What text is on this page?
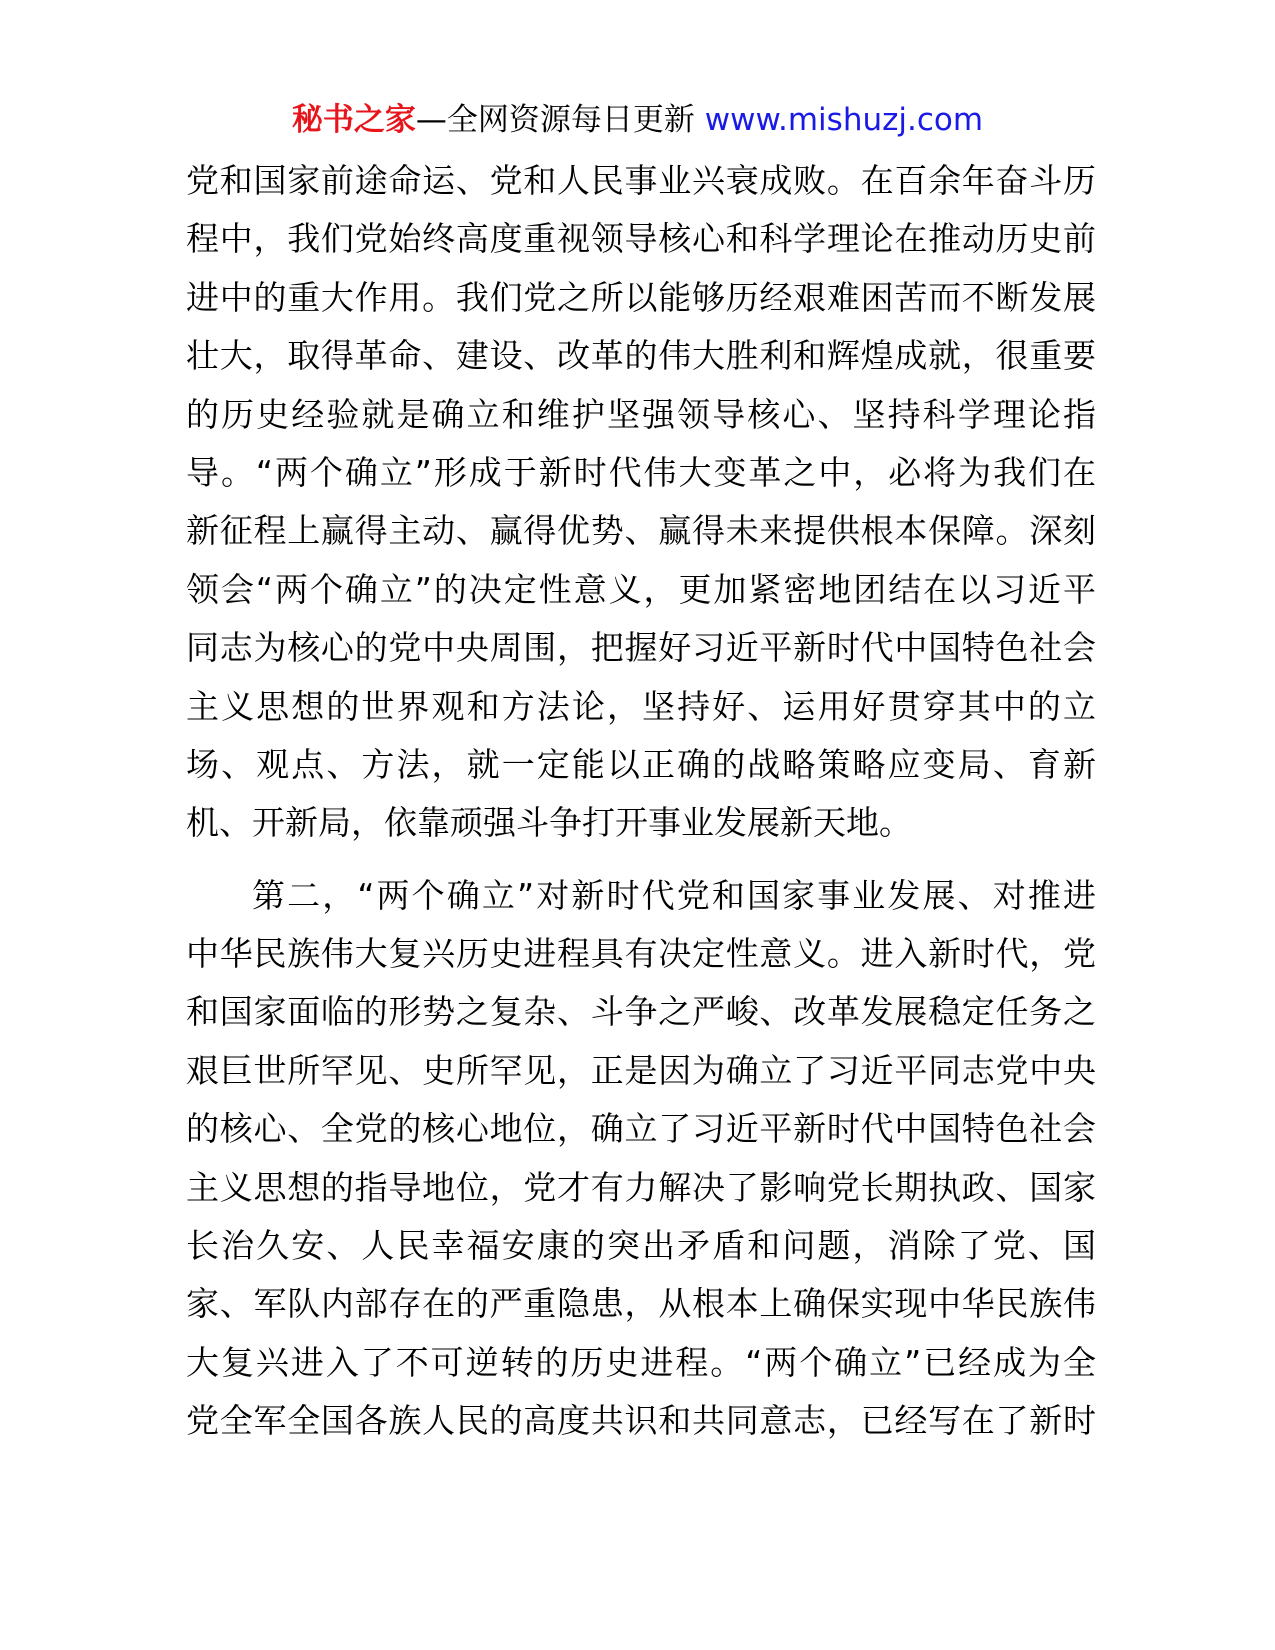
秘书之家—全网资源每日更新 www.mishuzj.com
党和国家前途命运、党和人民事业兴衰成败。在百余年奋斗历
程中，我们党始终高度重视领导核心和科学理论在推动历史前
进中的重大作用。我们党之所以能够历经艰难困苦而不断发展
壮大，取得革命、建设、改革的伟大胜利和辉煌成就，很重要
的历史经验就是确立和维护坚强领导核心、坚持科学理论指
导。“两个确立”形成于新时代伟大变革之中，必将为我们在
新征程上赢得主动、赢得优势、赢得未来提供根本保障。深刻
领会“两个确立”的决定性意义，更加紧密地团结在以习近平
同志为核心的党中央周围，把握好习近平新时代中国特色社会
主义思想的世界观和方法论，坚持好、运用好贯穿其中的立
场、观点、方法，就一定能以正确的战略策略应变局、育新
机、开新局，依靠顽强斗争打开事业发展新天地。
第二，“两个确立”对新时代党和国家事业发展、对推进
中华民族伟大复兴历史进程具有决定性意义。进入新时代，党
和国家面临的形势之复杂、斗争之严峻、改革发展稳定任务之
艰巨世所罕见、史所罕见，正是因为确立了习近平同志党中央
的核心、全党的核心地位，确立了习近平新时代中国特色社会
主义思想的指导地位，党才有力解决了影响党长期执政、国家
长治久安、人民幸福安康的突出矛盾和问题，消除了党、国
家、军队内部存在的严重隐患，从根本上确保实现中华民族伟
大复兴进入了不可逆转的历史进程。“两个确立”已经成为全
党全军全国各族人民的高度共识和共同意志，已经写在了新时
